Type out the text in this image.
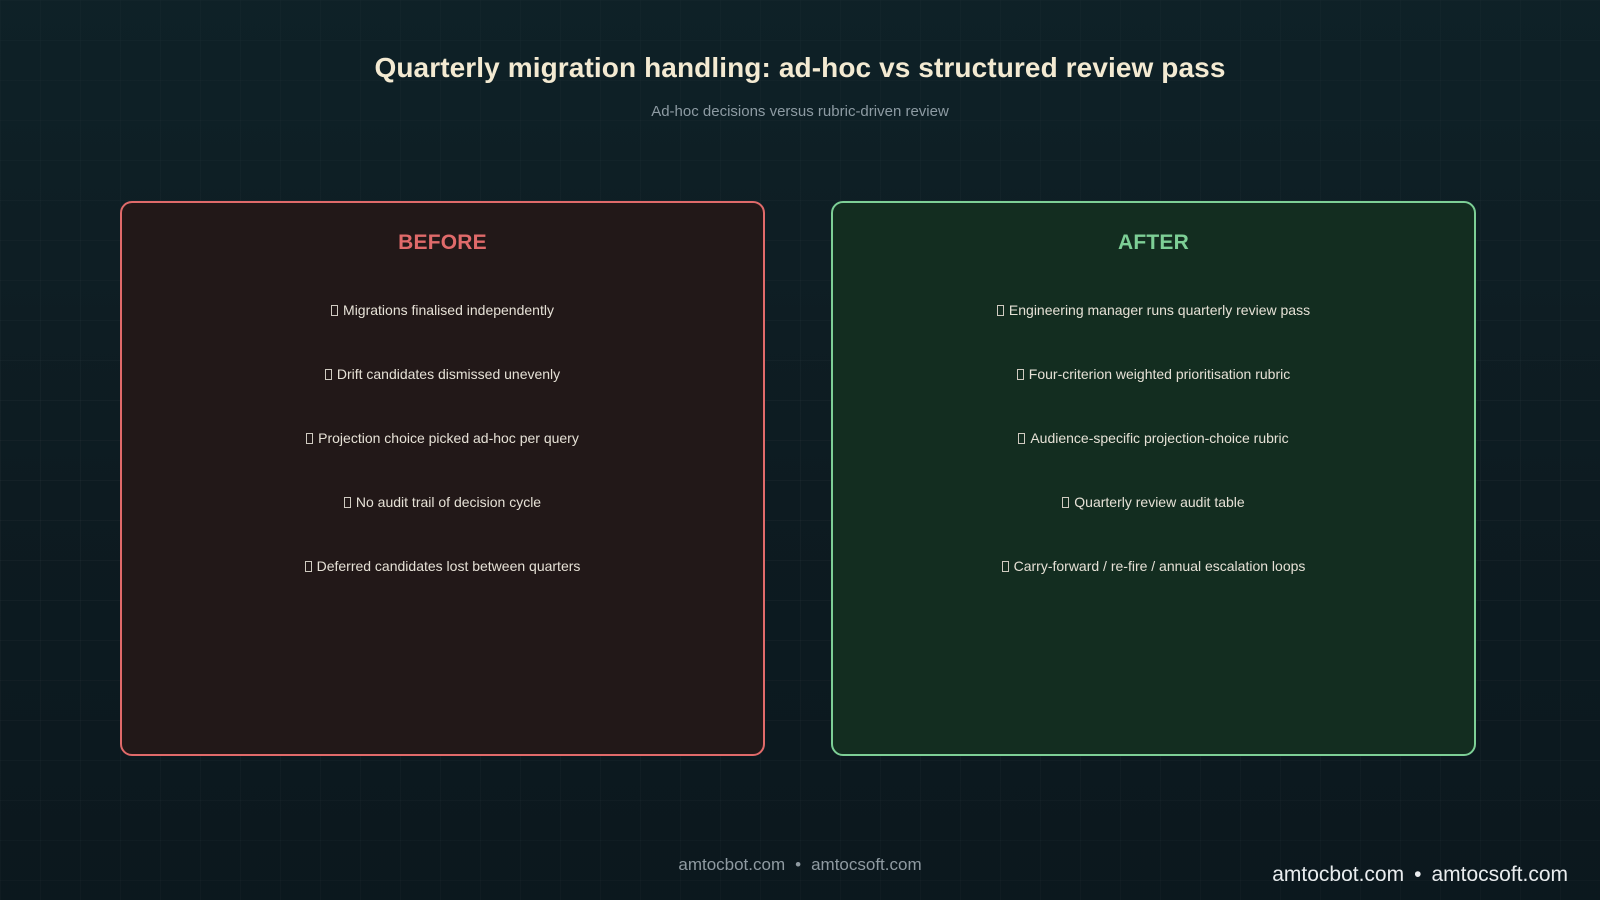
Quarterly migration handling: ad-hoc vs structured review pass
Ad-hoc decisions versus rubric-driven review
BEFORE
Migrations finalised independently
Drift candidates dismissed unevenly
Projection choice picked ad-hoc per query
No audit trail of decision cycle
Deferred candidates lost between quarters
AFTER
Engineering manager runs quarterly review pass
Four-criterion weighted prioritisation rubric
Audience-specific projection-choice rubric
Quarterly review audit table
Carry-forward / re-fire / annual escalation loops
amtocbot.com • amtocsoft.com	amtocbot.com • amtocsoft.com
